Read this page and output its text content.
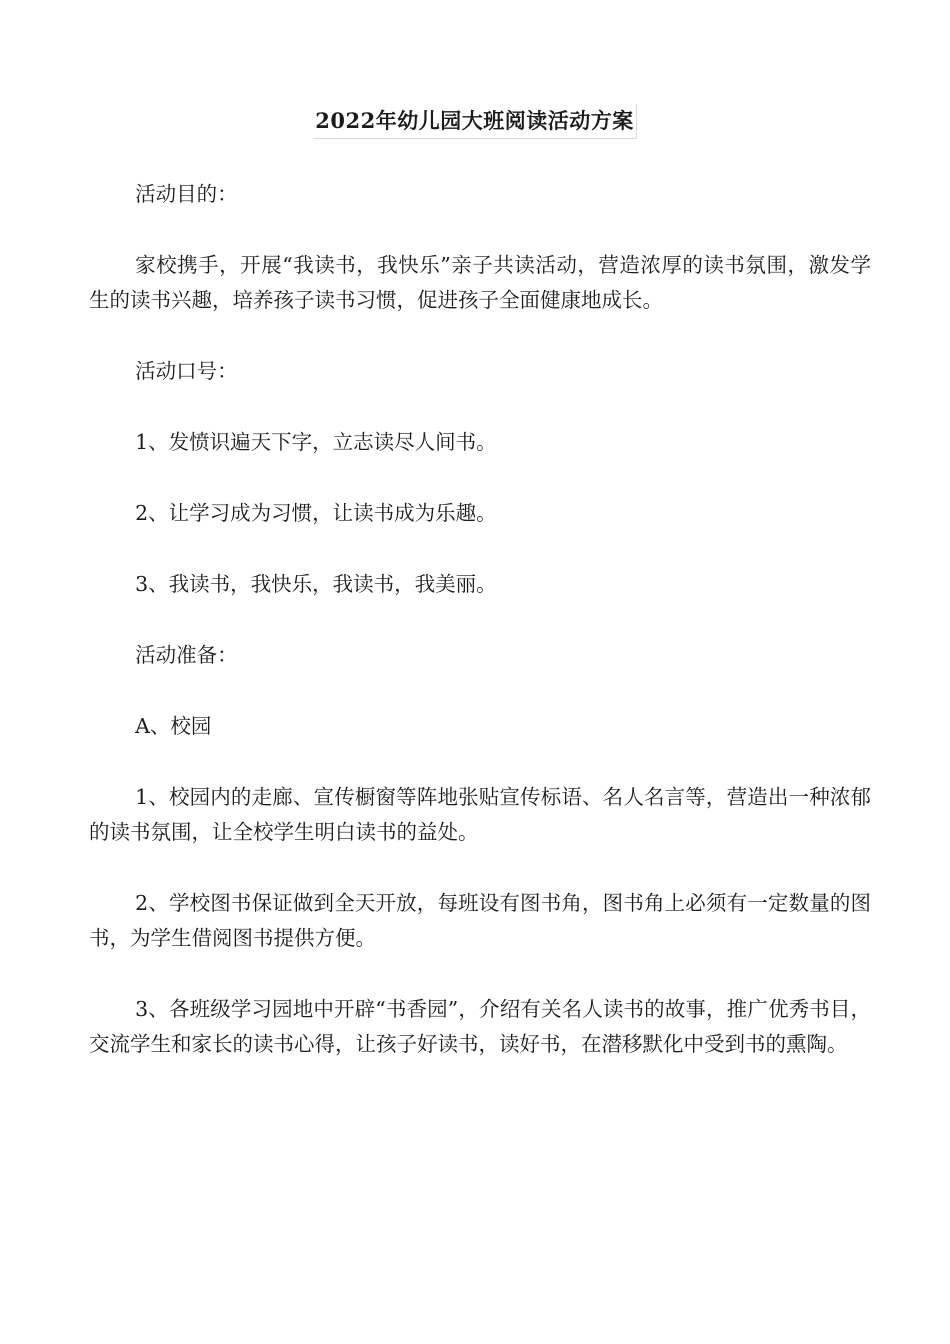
2022年幼儿园大班阅读活动方案

活动目的：

家校携手，开展“我读书，我快乐”亲子共读活动，营造浓厚的读书氛围，激发学生的读书兴趣，培养孩子读书习惯，促进孩子全面健康地成长。

活动口号：

1、发愤识遍天下字，立志读尽人间书。

2、让学习成为习惯，让读书成为乐趣。

3、我读书，我快乐，我读书，我美丽。

活动准备：

A、校园

1、校园内的走廊、宣传橱窗等阵地张贴宣传标语、名人名言等，营造出一种浓郁的读书氛围，让全校学生明白读书的益处。

2、学校图书保证做到全天开放，每班设有图书角，图书角上必须有一定数量的图书，为学生借阅图书提供方便。

3、各班级学习园地中开辟“书香园”，介绍有关名人读书的故事，推广优秀书目，交流学生和家长的读书心得，让孩子好读书，读好书，在潜移默化中受到书的熏陶。
